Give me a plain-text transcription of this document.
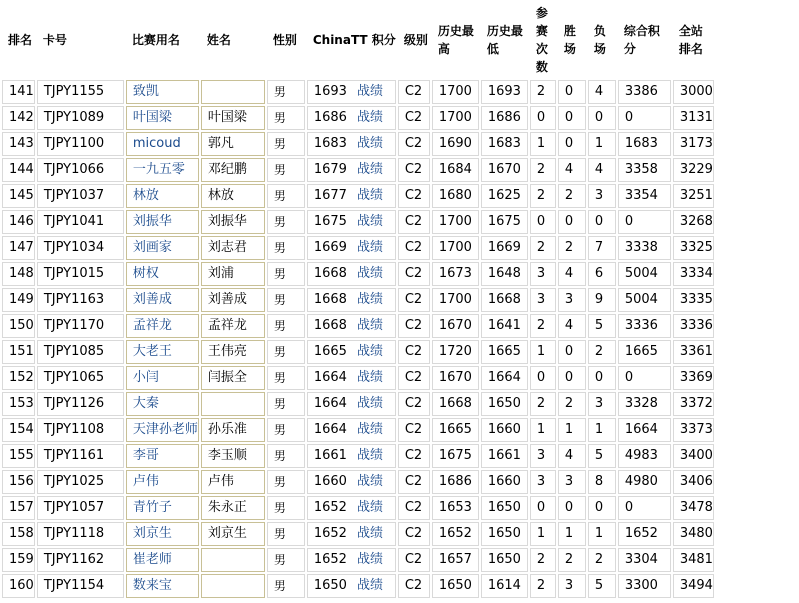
排名	卡号	比赛用名	姓名	性别	ChinaTT 积分	级别	历史最高	历史最低	参赛次数	胜场	负场	综合积分	全站排名
141	TJPY1155	致凯		男	1693 战绩	C2	1700	1693	2	0	4	3386	3000
142	TJPY1089	叶国梁	叶国梁	男	1686 战绩	C2	1700	1686	0	0	0	0	3131
143	TJPY1100	micoud	郭凡	男	1683 战绩	C2	1690	1683	1	0	1	1683	3173
144	TJPY1066	一九五零	邓纪鹏	男	1679 战绩	C2	1684	1670	2	4	4	3358	3229
145	TJPY1037	林放	林放	男	1677 战绩	C2	1680	1625	2	2	3	3354	3251
146	TJPY1041	刘振华	刘振华	男	1675 战绩	C2	1700	1675	0	0	0	0	3268
147	TJPY1034	刘画家	刘志君	男	1669 战绩	C2	1700	1669	2	2	7	3338	3325
148	TJPY1015	树权	刘浦	男	1668 战绩	C2	1673	1648	3	4	6	5004	3334
149	TJPY1163	刘善成	刘善成	男	1668 战绩	C2	1700	1668	3	3	9	5004	3335
150	TJPY1170	孟祥龙	孟祥龙	男	1668 战绩	C2	1670	1641	2	4	5	3336	3336
151	TJPY1085	大老王	王伟亮	男	1665 战绩	C2	1720	1665	1	0	2	1665	3361
152	TJPY1065	小闫	闫振全	男	1664 战绩	C2	1670	1664	0	0	0	0	3369
153	TJPY1126	大秦		男	1664 战绩	C2	1668	1650	2	2	3	3328	3372
154	TJPY1108	天津孙老师	孙乐准	男	1664 战绩	C2	1665	1660	1	1	1	1664	3373
155	TJPY1161	李哥	李玉顺	男	1661 战绩	C2	1675	1661	3	4	5	4983	3400
156	TJPY1025	卢伟	卢伟	男	1660 战绩	C2	1686	1660	3	3	8	4980	3406
157	TJPY1057	青竹子	朱永正	男	1652 战绩	C2	1653	1650	0	0	0	0	3478
158	TJPY1118	刘京生	刘京生	男	1652 战绩	C2	1652	1650	1	1	1	1652	3480
159	TJPY1162	崔老师		男	1652 战绩	C2	1657	1650	2	2	2	3304	3481
160	TJPY1154	数来宝		男	1650 战绩	C2	1650	1614	2	3	5	3300	3494
